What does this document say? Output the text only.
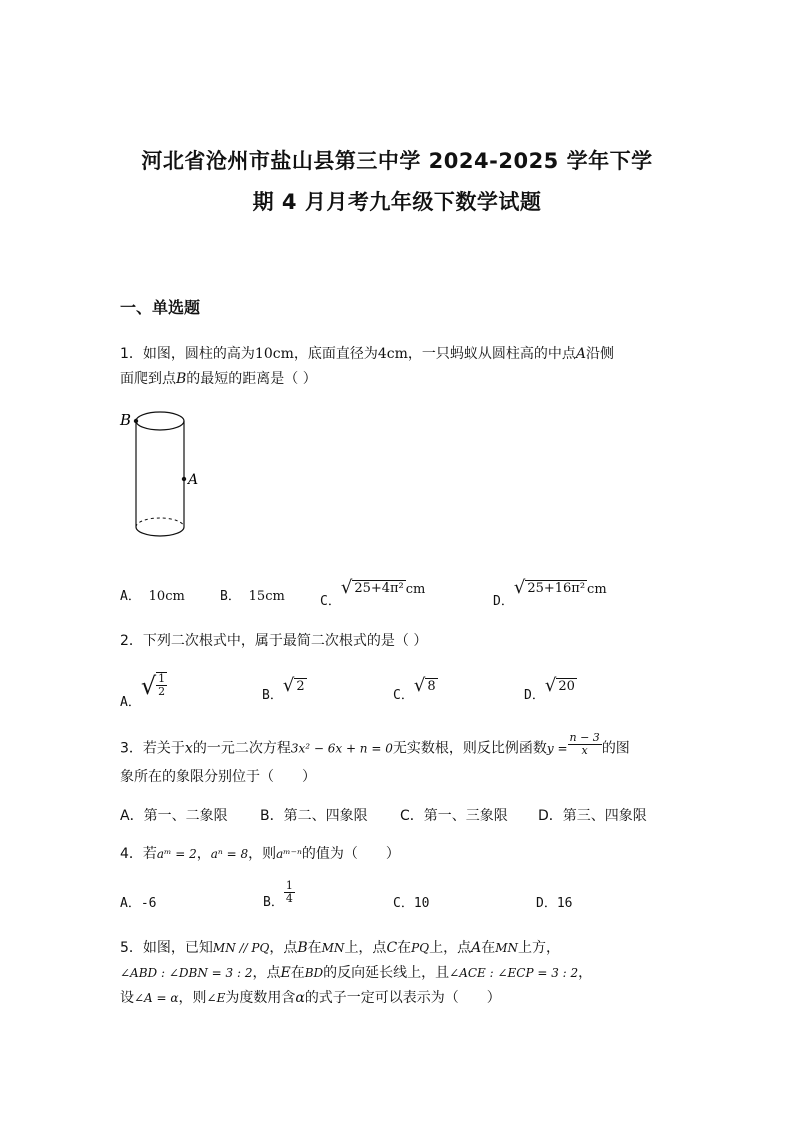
河北省沧州市盐山县第三中学 2024-2025 学年下学
期 4 月月考九年级下数学试题
一、单选题
1．如图，圆柱的高为10cm，底面直径为4cm，一只蚂蚁从圆柱高的中点A沿侧
面爬到点B的最短的距离是（ ）
B
A
A． 10cm	B． 15cm	C．
√ 25+4π² cm
D．
√ 25+16π² cm
2．下列二次根式中，属于最简二次根式的是（ ）
A．
√ $\frac{1}{2}$	B． √ 2
C． √ 8
D． √ 20
3．若关于x的一元二次方程3x² − 6x + n = 0无实数根，则反比例函数$y = \frac{n - 3}{x}$ 的图
象所在的象限分别位于（　　）
A．第一、二象限 B．第二、四象限 C．第一、三象限 D．第三、四象限
4．若aᵐ = 2，aⁿ = 8，则aᵐ⁻ⁿ的值为（　　）
A．-6	B． $\frac{1}{4}$	C．10	D．16
5．如图，已知MN // PQ，点B在MN上，点C在PQ上，点A在MN上方，
∠ABD : ∠DBN = 3 : 2，点E在BD的反向延长线上，且∠ACE : ∠ECP = 3 : 2，
设∠A = α，则∠E为度数用含α的式子一定可以表示为（　　）
